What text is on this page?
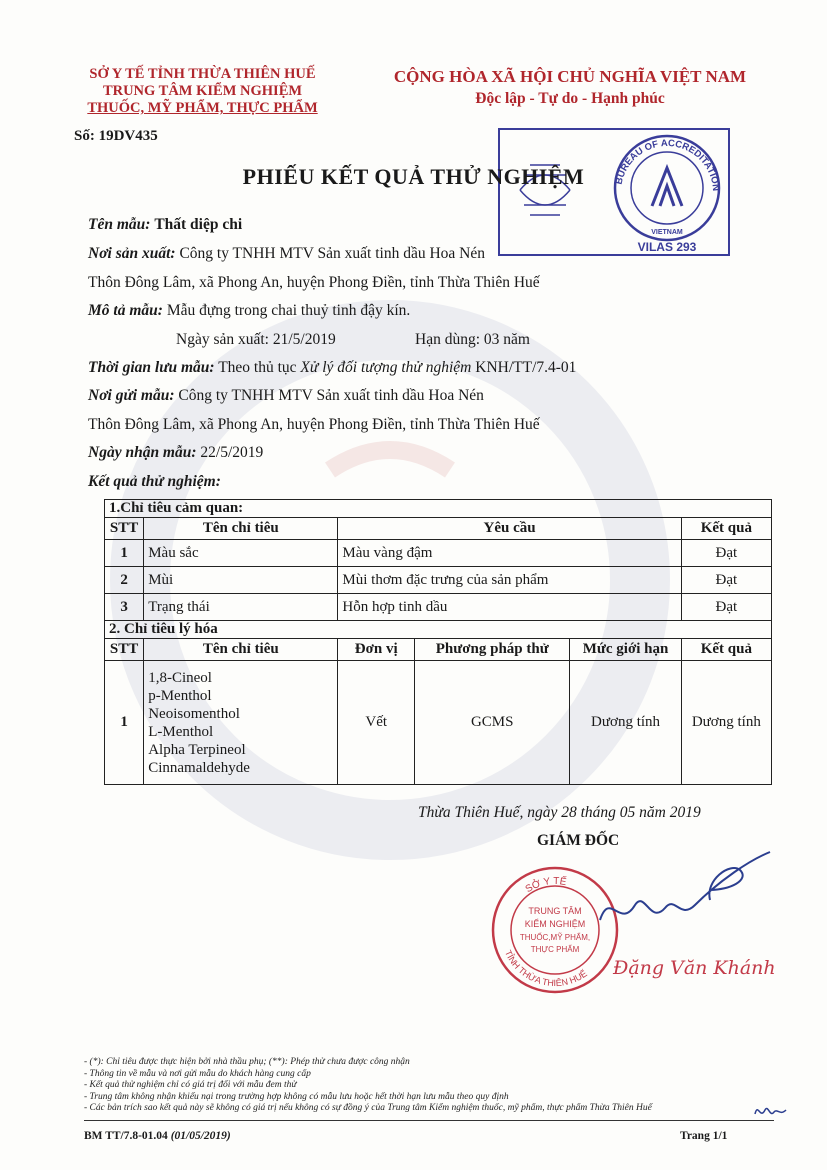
SỞ Y TẾ TỈNH THỪA THIÊN HUẾ
TRUNG TÂM KIỂM NGHIỆM
THUỐC, MỸ PHẨM, THỰC PHẨM
Số: 19DV435
CỘNG HÒA XÃ HỘI CHỦ NGHĨA VIỆT NAM
Độc lập - Tự do - Hạnh phúc
BUREAU OF ACCREDITATION
VIETNAM
VILAS 293
PHIẾU KẾT QUẢ THỬ NGHIỆM
Tên mẫu: Thất diệp chi
Nơi sản xuất: Công ty TNHH MTV Sản xuất tinh dầu Hoa Nén
Thôn Đông Lâm, xã Phong An, huyện Phong Điền, tỉnh Thừa Thiên Huế
Mô tả mẫu: Mẫu đựng trong chai thuỷ tinh đậy kín.
Ngày sản xuất: 21/5/2019	Hạn dùng: 03 năm
Thời gian lưu mẫu: Theo thủ tục Xử lý đối tượng thử nghiệm KNH/TT/7.4-01
Nơi gửi mẫu: Công ty TNHH MTV Sản xuất tinh dầu Hoa Nén
Thôn Đông Lâm, xã Phong An, huyện Phong Điền, tỉnh Thừa Thiên Huế
Ngày nhận mẫu: 22/5/2019
Kết quả thử nghiệm:
1.Chỉ tiêu cảm quan:
STT	Tên chỉ tiêu	Yêu cầu	Kết quả
1	Màu sắc	Màu vàng đậm	Đạt
2	Mùi	Mùi thơm đặc trưng của sản phẩm	Đạt
3	Trạng thái	Hỗn hợp tinh dầu	Đạt
2. Chỉ tiêu lý hóa
STT	Tên chỉ tiêu	Đơn vị	Phương pháp thử	Mức giới hạn	Kết quả
1	
1,8-Cineol
p-Menthol
Neoisomenthol
L-Menthol
Alpha Terpineol
Cinnamaldehyde
	Vết	GCMS	Dương tính	Dương tính
Thừa Thiên Huế, ngày 28 tháng 05 năm 2019
GIÁM ĐỐC
SỞ Y TẾ
TỈNH THỪA THIÊN HUẾ
TRUNG TÂM
KIỂM NGHIỆM
THUỐC,MỸ PHẨM,
THỰC PHẨM
Đặng Văn Khánh
- (*): Chỉ tiêu được thực hiện bởi nhà thầu phụ; (**): Phép thử chưa được công nhận
- Thông tin về mẫu và nơi gửi mẫu do khách hàng cung cấp
- Kết quả thử nghiệm chỉ có giá trị đối với mẫu đem thử
- Trung tâm không nhận khiếu nại trong trường hợp không có mẫu lưu hoặc hết thời hạn lưu mẫu theo quy định
- Các bản trích sao kết quả này sẽ không có giá trị nếu không có sự đồng ý của Trung tâm Kiểm nghiệm thuốc, mỹ phẩm, thực phẩm Thừa Thiên Huế
BM TT/7.8-01.04 (01/05/2019)	Trang 1/1
